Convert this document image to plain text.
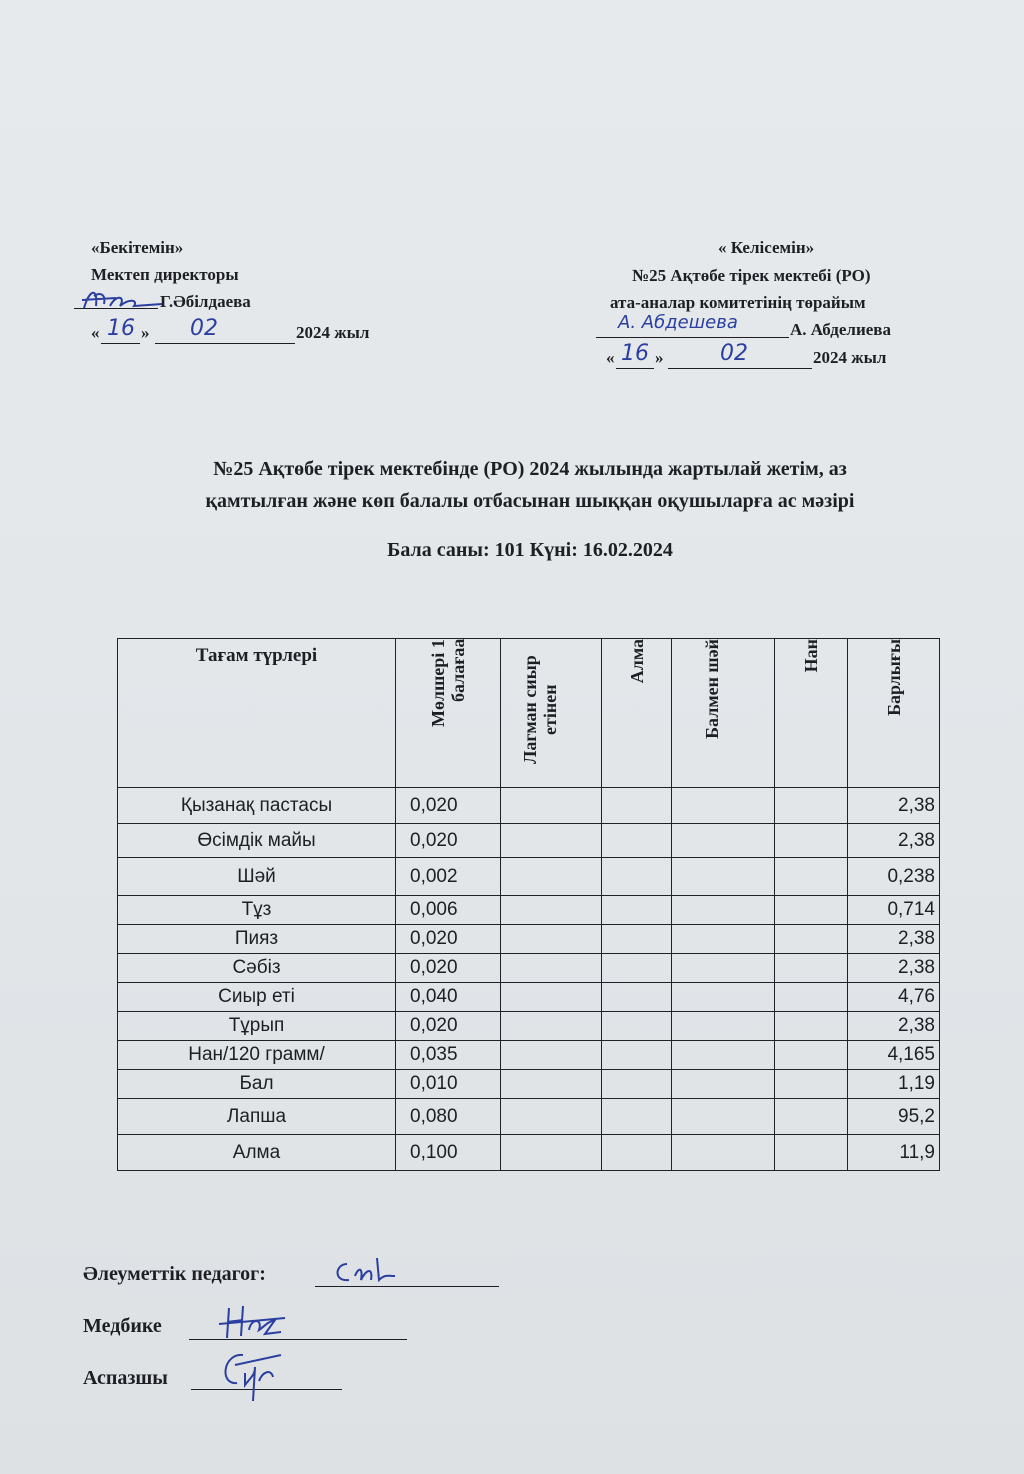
«Бекітемін»
Мектеп директоры
Г.Әбілдаева
« 16 » 02	2024 жыл
« Келісемін»
№25 Ақтөбе тірек мектебі (РО)
ата-аналар комитетінің төрайым
А. Абдешева	А. Абделиева
« 16 »	02	2024 жыл
№25 Ақтөбе тірек мектебінде (РО) 2024 жылында жартылай жетім, аз
қамтылған және көп балалы отбасынан шыққан оқушыларға ас мәзірі
Бала саны: 101 Күні: 16.02.2024
Тағам түрлері	Мөлшері 1 балағаа	Лагман сиыр етінен	Алма	Балмен шәй	Нан	Барлығы

Қызанақ пастасы	0,020					2,38
Өсімдік майы	0,020					2,38
Шәй	0,002					0,238
Тұз	0,006					0,714
Пияз	0,020					2,38
Сәбіз	0,020					2,38
Сиыр еті	0,040					4,76
Тұрып	0,020					2,38
Нан/120 грамм/	0,035					4,165
Бал	0,010					1,19
Лапша	0,080					95,2
Алма	0,100					11,9
Әлеуметтік педагог:
Медбике
Аспазшы
